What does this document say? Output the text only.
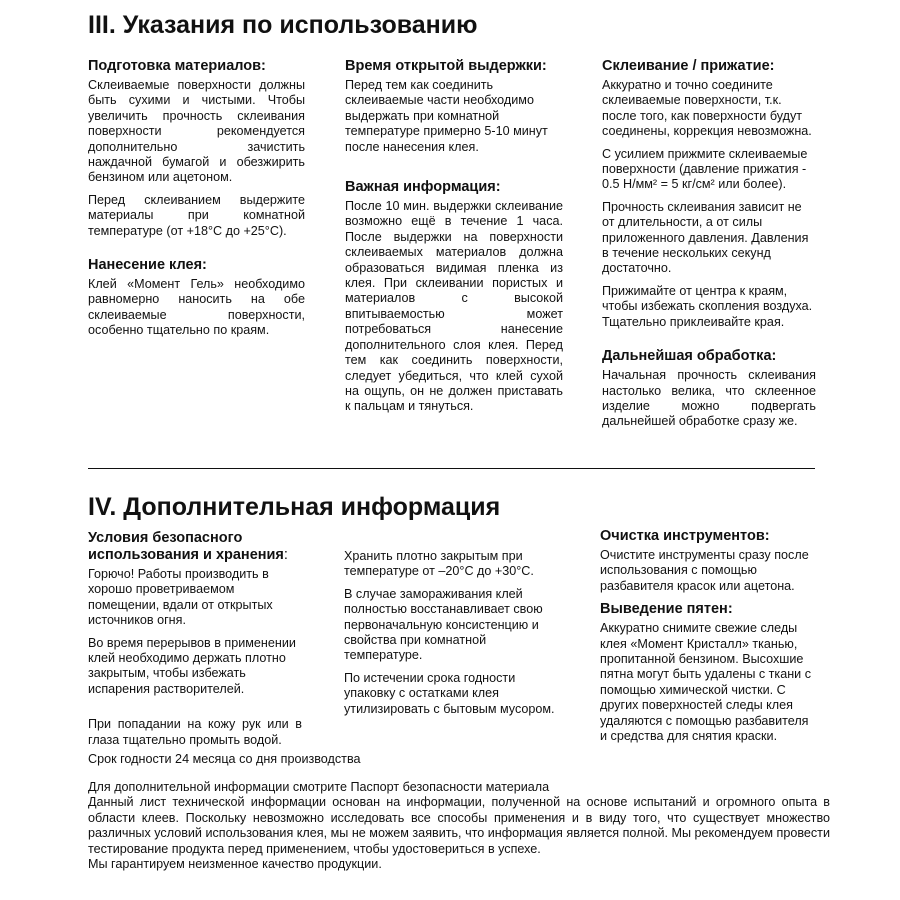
III. Указания по использованию
Подготовка материалов:

Склеиваемые поверхности должны быть сухими и чистыми. Чтобы увеличить прочность склеивания поверхности рекомендуется дополнительно зачистить наждачной бумагой и обезжирить бензином или ацетоном.

Перед склеиванием выдержите материалы при комнатной температуре (от +18°C до +25°C).

Нанесение клея:

Клей «Момент Гель» необходимо равномерно наносить на обе склеиваемые поверхности, особенно тщательно по краям.

Время открытой выдержки:

Перед тем как соединить склеиваемые части необходимо выдержать при комнатной температуре примерно 5-10 минут после нанесения клея.

Важная информация:

После 10 мин. выдержки склеивание возможно ещё в течение 1 часа. После выдержки на поверхности склеиваемых материалов должна образоваться видимая пленка из клея. При склеивании пористых и материалов с высокой впитываемостью может потребоваться нанесение дополнительного слоя клея. Перед тем как соединить поверхности, следует убедиться, что клей сухой на ощупь, он не должен приставать к пальцам и тянуться.

Склеивание / прижатие:

Аккуратно и точно соедините склеиваемые поверхности, т.к. после того, как поверхности будут соединены, коррекция невозможна.

С усилием прижмите склеиваемые поверхности (давление прижатия - 0.5 Н/мм² = 5 кг/см² или более).

Прочность склеивания зависит не от длительности, а от силы приложенного давления. Давления в течение нескольких секунд достаточно.

Прижимайте от центра к краям, чтобы избежать скопления воздуха. Тщательно приклеивайте края.

Дальнейшая обработка:

Начальная прочность склеивания настолько велика, что склеенное изделие можно подвергать дальнейшей обработке сразу же.

IV. Дополнительная информация
Условия безопасного использования и хранения:

Горючо! Работы производить в хорошо проветриваемом помещении, вдали от открытых источников огня.

Во время перерывов в применении клей необходимо держать плотно закрытым, чтобы избежать испарения растворителей.

При попадании на кожу рук или в глаза тщательно промыть водой.

Хранить плотно закрытым при температуре от –20°C до +30°C.

В случае замораживания клей полностью восстанавливает свою первоначальную консистенцию и свойства при комнатной температуре.

По истечении срока годности упаковку с остатками клея утилизировать с бытовым мусором.

Очистка инструментов:

Очистите инструменты сразу после использования с помощью разбавителя красок или ацетона.

Выведение пятен:

Аккуратно снимите свежие следы клея «Момент Кристалл» тканью, пропитанной бензином. Высохшие пятна могут быть удалены с ткани с помощью химической чистки. С других поверхностей следы клея удаляются с помощью разбавителя и средства для снятия краски.

Срок годности 24 месяца со дня производства

Для дополнительной информации смотрите Паспорт безопасности материала

Данный лист технической информации основан на информации, полученной на основе испытаний и огромного опыта в области клеев. Поскольку невозможно исследовать все способы применения и в виду того, что существует множество различных условий использования клея, мы не можем заявить, что информация является полной. Мы рекомендуем провести тестирование продукта перед применением, чтобы удостовериться в успехе.

Мы гарантируем неизменное качество продукции.
